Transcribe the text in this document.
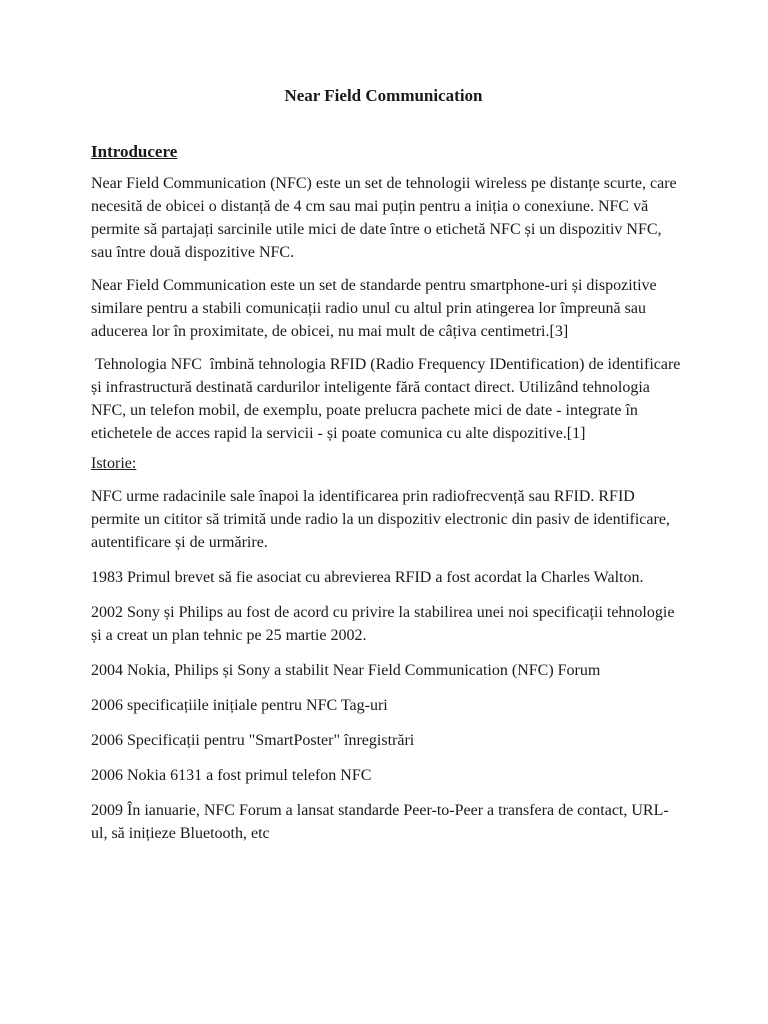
Near Field Communication
Introducere

Near Field Communication (NFC) este un set de tehnologii wireless pe distanțe scurte, care necesită de obicei o distanță de 4 cm sau mai puțin pentru a iniția o conexiune. NFC vă permite să partajați sarcinile utile mici de date între o etichetă NFC și un dispozitiv NFC, sau între două dispozitive NFC.

Near Field Communication este un set de standarde pentru smartphone-uri și dispozitive similare pentru a stabili comunicații radio unul cu altul prin atingerea lor împreună sau aducerea lor în proximitate, de obicei, nu mai mult de câțiva centimetri.[3]

Tehnologia NFC  îmbină tehnologia RFID (Radio Frequency IDentification) de identificare și infrastructură destinată cardurilor inteligente fără contact direct. Utilizând tehnologia NFC, un telefon mobil, de exemplu, poate prelucra pachete mici de date - integrate în etichetele de acces rapid la servicii - și poate comunica cu alte dispozitive.[1]

Istorie:

NFC urme radacinile sale înapoi la identificarea prin radiofrecvență sau RFID. RFID permite un cititor să trimită unde radio la un dispozitiv electronic din pasiv de identificare, autentificare și de urmărire.

1983 Primul brevet să fie asociat cu abrevierea RFID a fost acordat la Charles Walton.

2002 Sony și Philips au fost de acord cu privire la stabilirea unei noi specificații tehnologie și a creat un plan tehnic pe 25 martie 2002.

2004 Nokia, Philips și Sony a stabilit Near Field Communication (NFC) Forum

2006 specificațiile inițiale pentru NFC Tag-uri

2006 Specificații pentru "SmartPoster" înregistrări

2006 Nokia 6131 a fost primul telefon NFC

2009 În ianuarie, NFC Forum a lansat standarde Peer-to-Peer a transfera de contact, URL-ul, să inițieze Bluetooth, etc
